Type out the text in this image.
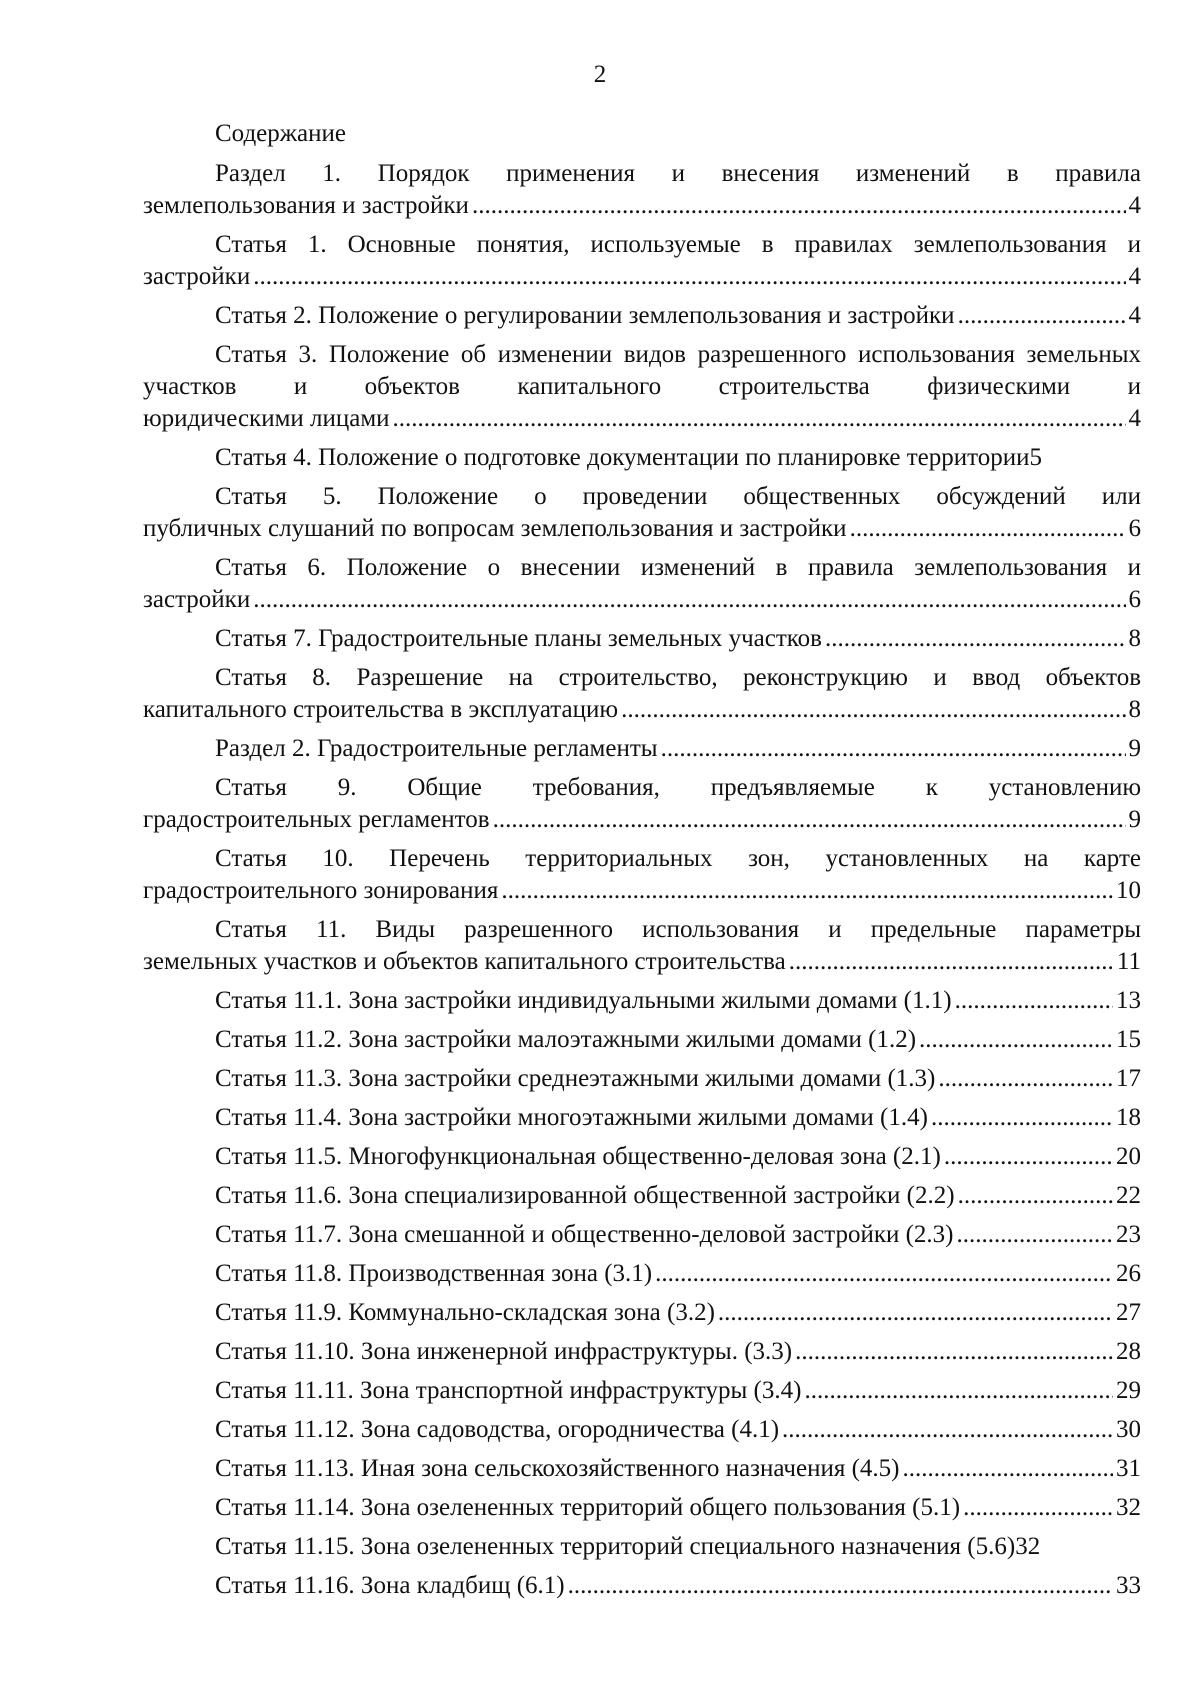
2
Содержание
Раздел 1. Порядок применения и внесения изменений в правила
землепользования и застройки .....	4
Статья 1. Основные понятия, используемые в правилах землепользования и
застройки .....	4
Статья 2. Положение о регулировании землепользования и застройки .....	4
Статья 3. Положение об изменении видов разрешенного использования земельных участков и объектов капитального строительства физическими и
юридическими лицами .....	4
Статья 4. Положение о подготовке документации по планировке территории 5
Статья 5. Положение о проведении общественных обсуждений или
публичных слушаний по вопросам землепользования и застройки .....	6
Статья 6. Положение о внесении изменений в правила землепользования и
застройки .....	6
Статья 7. Градостроительные планы земельных участков .....	8
Статья 8. Разрешение на строительство, реконструкцию и ввод объектов
капитального строительства в эксплуатацию .....	8
Раздел 2. Градостроительные регламенты .....	9
Статья 9. Общие требования, предъявляемые к установлению
градостроительных регламентов .....	9
Статья 10. Перечень территориальных зон, установленных на карте
градостроительного зонирования .....	10
Статья 11. Виды разрешенного использования и предельные параметры
земельных участков и объектов капитального строительства .....	11
Статья 11.1. Зона застройки индивидуальными жилыми домами (1.1) .....	13
Статья 11.2. Зона застройки малоэтажными жилыми домами (1.2) .....	15
Статья 11.3. Зона застройки среднеэтажными жилыми домами (1.3) .....	17
Статья 11.4. Зона застройки многоэтажными жилыми домами (1.4) .....	18
Статья 11.5. Многофункциональная общественно-деловая зона (2.1) .....	20
Статья 11.6. Зона специализированной общественной застройки (2.2) .....	22
Статья 11.7. Зона смешанной и общественно-деловой застройки (2.3) .....	23
Статья 11.8. Производственная зона (3.1) .....	26
Статья 11.9. Коммунально-складская зона (3.2) .....	27
Статья 11.10. Зона инженерной инфраструктуры. (3.3) .....	28
Статья 11.11. Зона транспортной инфраструктуры (3.4) .....	29
Статья 11.12. Зона садоводства, огородничества (4.1) .....	30
Статья 11.13. Иная зона сельскохозяйственного назначения (4.5) .....	31
Статья 11.14. Зона озелененных территорий общего пользования (5.1) .....	32
Статья 11.15. Зона озелененных территорий специального назначения (5.6) 32
Статья 11.16. Зона кладбищ (6.1) .....	33
